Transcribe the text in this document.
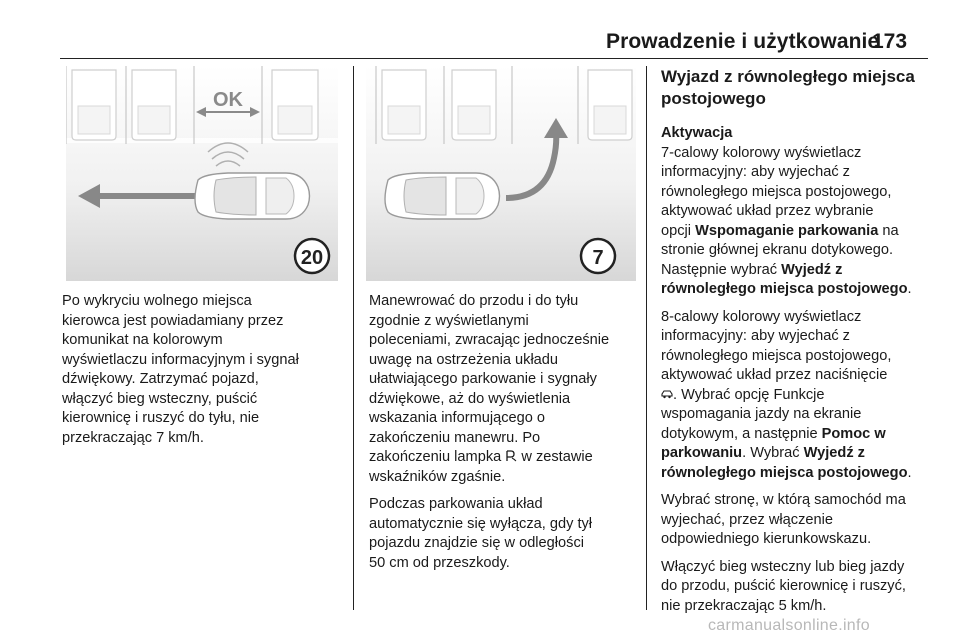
Prowadzenie i użytkowanie
173
OK
20	7

Po wykryciu wolnego miejsca
kierowca jest powiadamiany przez
komunikat na kolorowym
wyświetlaczu informacyjnym i sygnał
dźwiękowy. Zatrzymać pojazd,
włączyć bieg wsteczny, puścić
kierownicę i ruszyć do tyłu, nie
przekraczając 7 km/h.

Manewrować do przodu i do tyłu
zgodnie z wyświetlanymi
poleceniami, zwracając jednocześnie
uwagę na ostrzeżenia układu
ułatwiającego parkowanie i sygnały
dźwiękowe, aż do wyświetlenia
wskazania informującego o
zakończeniu manewru. Po
zakończeniu lampka w zestawie
wskaźników zgaśnie.

Podczas parkowania układ
automatycznie się wyłącza, gdy tył
pojazdu znajdzie się w odległości
50 cm od przeszkody.

Wyjazd z równoległego miejsca
postojowego

Aktywacja
7-calowy kolorowy wyświetlacz
informacyjny: aby wyjechać z
równoległego miejsca postojowego,
aktywować układ przez wybranie
opcji Wspomaganie parkowania na
stronie głównej ekranu dotykowego.
Następnie wybrać Wyjedź z
równoległego miejsca postojowego.

8-calowy kolorowy wyświetlacz
informacyjny: aby wyjechać z
równoległego miejsca postojowego,
aktywować układ przez naciśnięcie
. Wybrać opcję Funkcje
wspomagania jazdy na ekranie
dotykowym, a następnie Pomoc w
parkowaniu. Wybrać Wyjedź z
równoległego miejsca postojowego.

Wybrać stronę, w którą samochód ma
wyjechać, przez włączenie
odpowiedniego kierunkowskazu.

Włączyć bieg wsteczny lub bieg jazdy
do przodu, puścić kierownicę i ruszyć,
nie przekraczając 5 km/h.

carmanualsonline.info
